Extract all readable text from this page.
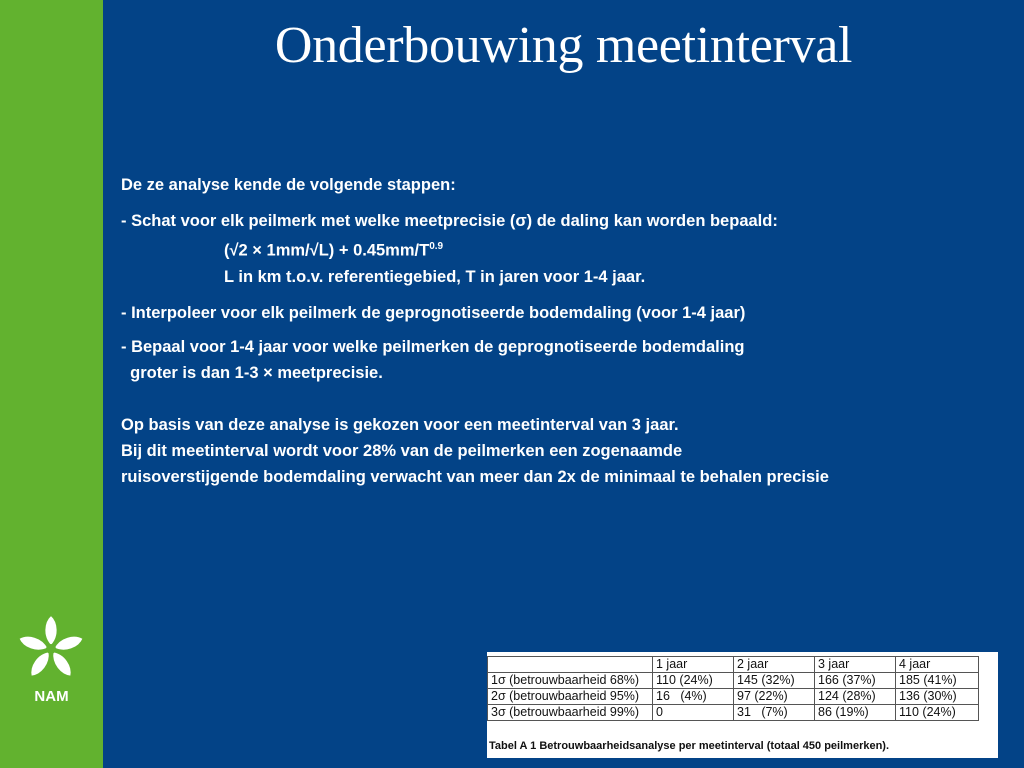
NAM
Onderbouwing meetinterval

De ze analyse kende de volgende stappen:

- Schat voor elk peilmerk met welke meetprecisie (σ) de daling kan worden bepaald:

$(√2 \times 1mm/√L) + 0.45mm/T^{0.9}$

L in km t.o.v. referentiegebied, T in jaren voor 1-4 jaar.

- Interpoleer voor elk peilmerk de geprognotiseerde bodemdaling (voor 1-4 jaar)

- Bepaal voor 1-4 jaar voor welke peilmerken de geprognotiseerde bodemdaling

groter is dan 1-3 × meetprecisie.

Op basis van deze analyse is gekozen voor een meetinterval van 3 jaar.

Bij dit meetinterval wordt voor 28% van de peilmerken een zogenaamde

ruisoverstijgende bodemdaling verwacht van meer dan 2x de minimaal te behalen precisie

	1 jaar	2 jaar	3 jaar	4 jaar
1σ (betrouwbaarheid 68%)	110 (24%)	145 (32%)	166 (37%)	185 (41%)
2σ (betrouwbaarheid 95%)	16   (4%)	97 (22%)	124 (28%)	136 (30%)
3σ (betrouwbaarheid 99%)	0	31   (7%)	86 (19%)	110 (24%)
Tabel A 1 Betrouwbaarheidsanalyse per meetinterval (totaal 450 peilmerken).
